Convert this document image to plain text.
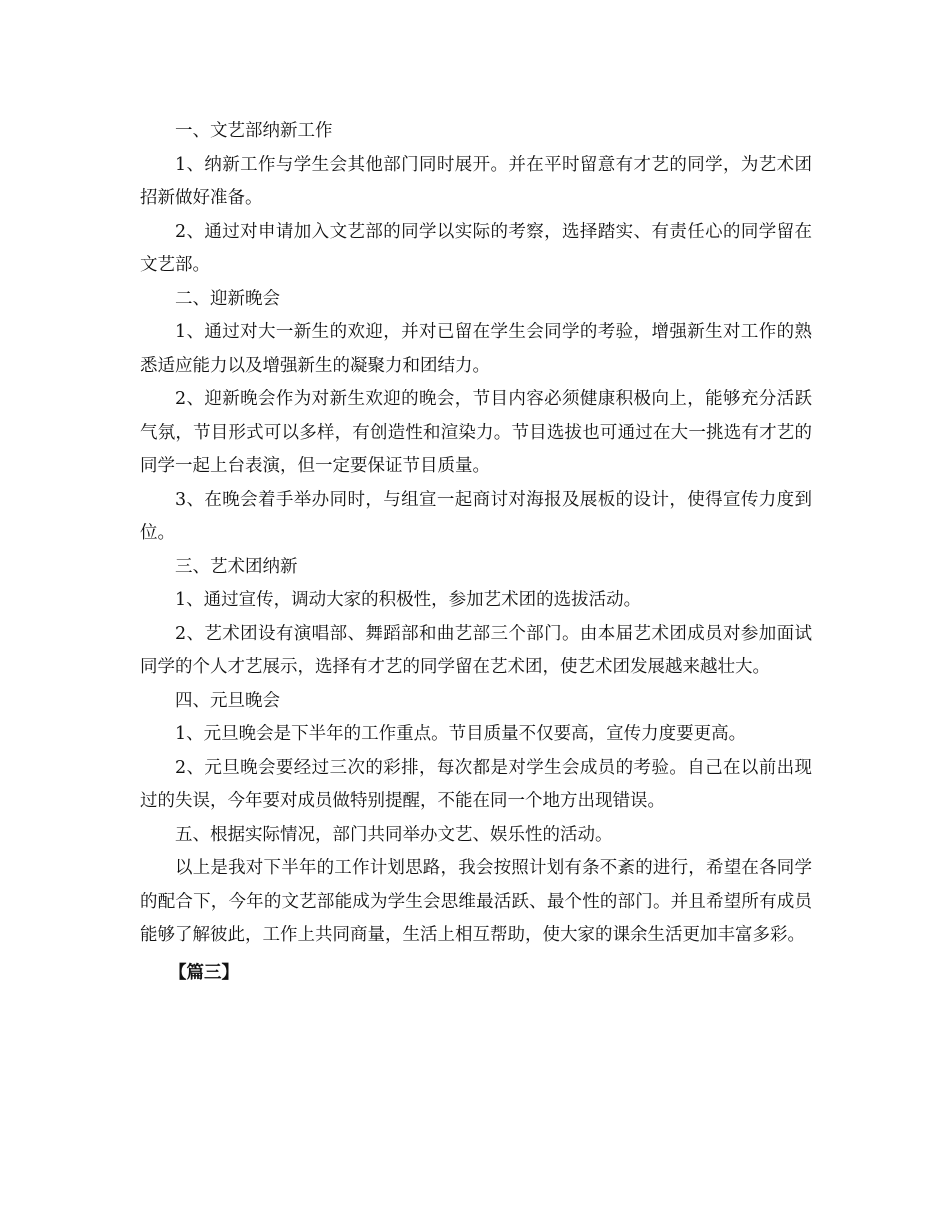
一、文艺部纳新工作

1、纳新工作与学生会其他部门同时展开。并在平时留意有才艺的同学，为艺术团招新做好准备。

2、通过对申请加入文艺部的同学以实际的考察，选择踏实、有责任心的同学留在文艺部。

二、迎新晚会

1、通过对大一新生的欢迎，并对已留在学生会同学的考验，增强新生对工作的熟悉适应能力以及增强新生的凝聚力和团结力。

2、迎新晚会作为对新生欢迎的晚会，节目内容必须健康积极向上，能够充分活跃气氛，节目形式可以多样，有创造性和渲染力。节目选拔也可通过在大一挑选有才艺的同学一起上台表演，但一定要保证节目质量。

3、在晚会着手举办同时，与组宣一起商讨对海报及展板的设计，使得宣传力度到位。

三、艺术团纳新

1、通过宣传，调动大家的积极性，参加艺术团的选拔活动。

2、艺术团设有演唱部、舞蹈部和曲艺部三个部门。由本届艺术团成员对参加面试同学的个人才艺展示，选择有才艺的同学留在艺术团，使艺术团发展越来越壮大。

四、元旦晚会

1、元旦晚会是下半年的工作重点。节目质量不仅要高，宣传力度要更高。

2、元旦晚会要经过三次的彩排，每次都是对学生会成员的考验。自己在以前出现过的失误，今年要对成员做特别提醒，不能在同一个地方出现错误。

五、根据实际情况，部门共同举办文艺、娱乐性的活动。

以上是我对下半年的工作计划思路，我会按照计划有条不紊的进行，希望在各同学的配合下，今年的文艺部能成为学生会思维最活跃、最个性的部门。并且希望所有成员能够了解彼此，工作上共同商量，生活上相互帮助，使大家的课余生活更加丰富多彩。

【篇三】
